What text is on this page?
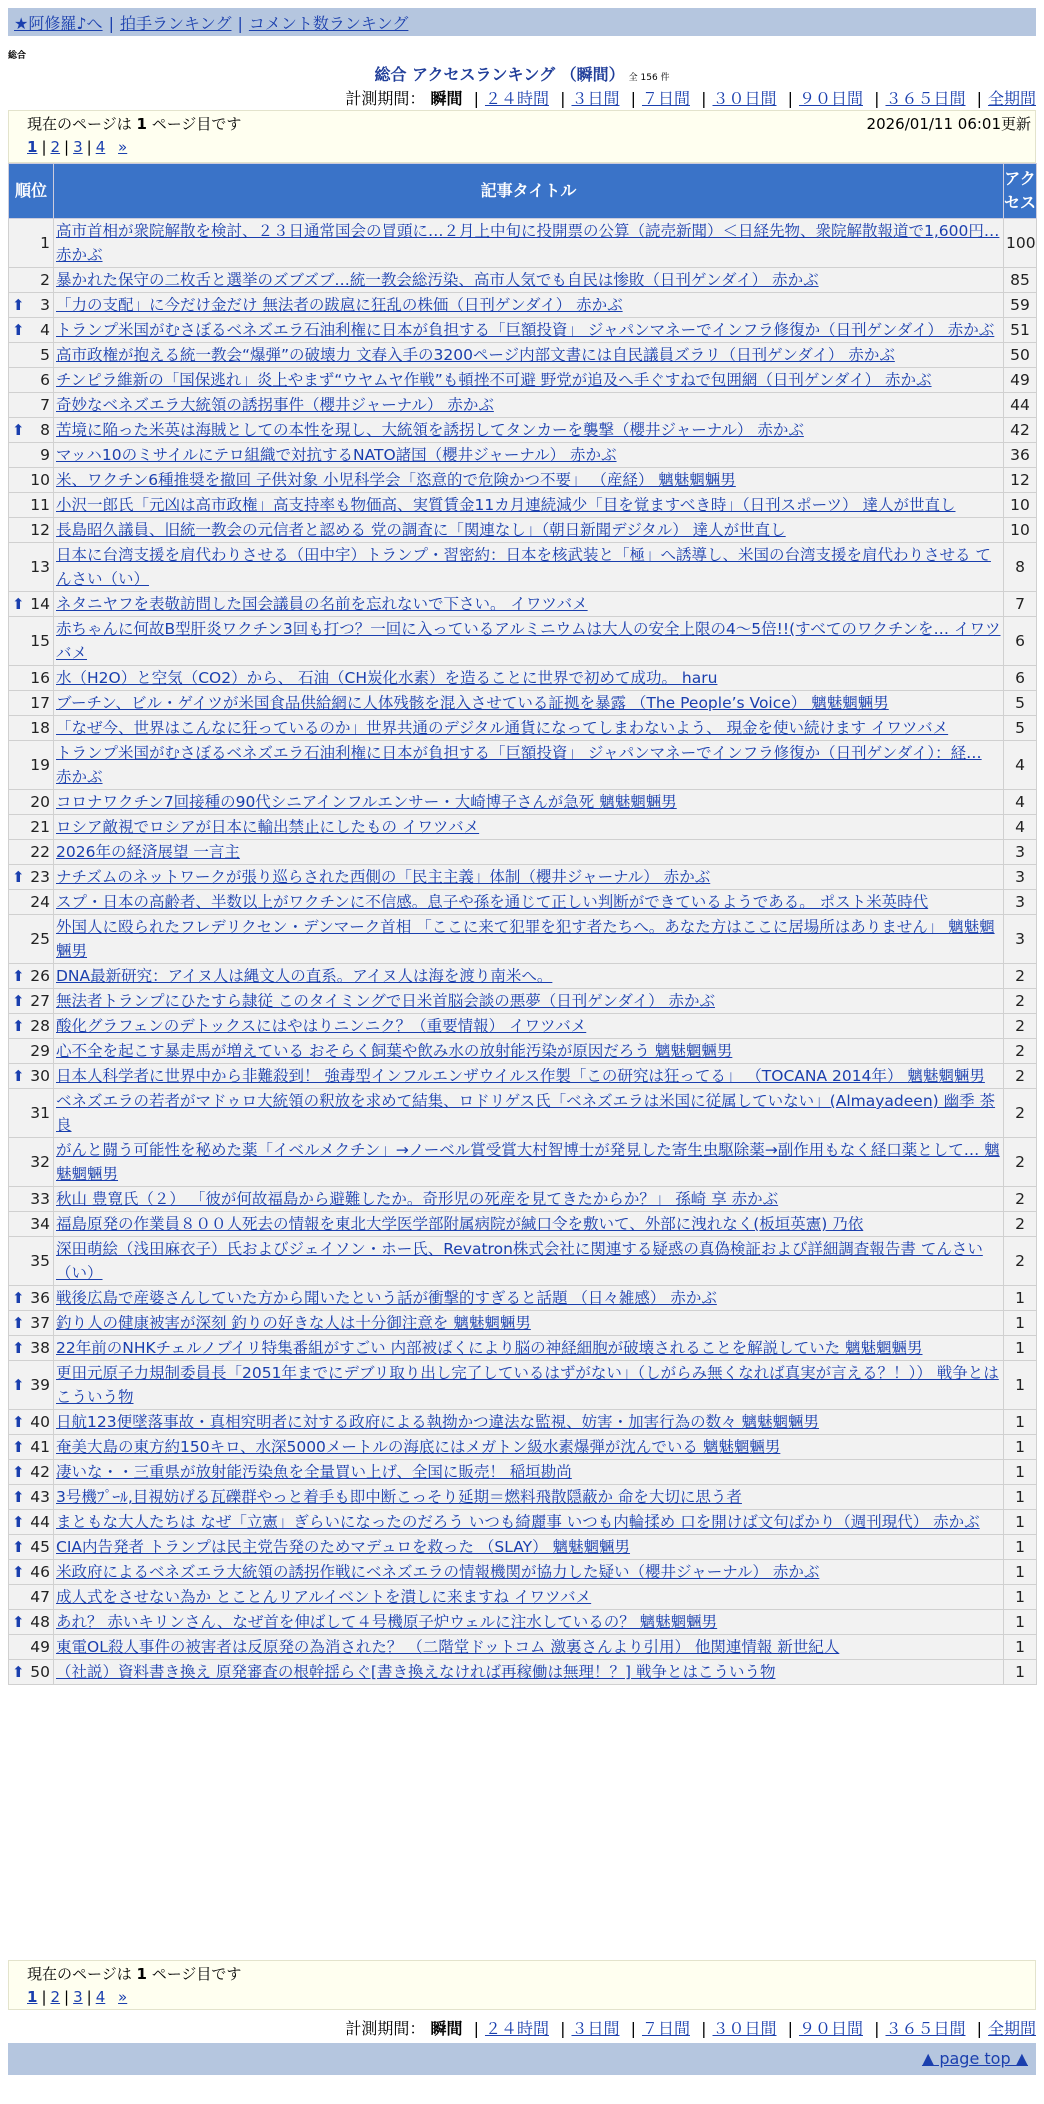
★阿修羅♪へ | 拍手ランキング | コメント数ランキング
総合
総合 アクセスランキング （瞬間） 全 156 件
計測期間： 瞬間 | ２４時間 | ３日間 | ７日間 | ３０日間 | ９０日間 | ３６５日間 | 全期間
現在のページは 1 ページ目です	2026/01/11 06:01更新
1 | 2 | 3 | 4 »
順位	記事タイトル	アクセス
1	高市首相が衆院解散を検討、２３日通常国会の冒頭に…２月上中旬に投開票の公算（読売新聞）＜日経先物、衆院解散報道で1,600円… 赤かぶ	100
2	暴かれた保守の二枚舌と選挙のズブズブ…統一教会総汚染、高市人気でも自民は惨敗（日刊ゲンダイ） 赤かぶ	85

⬆ 3	「力の支配」に今だけ金だけ 無法者の跋扈に狂乱の株価（日刊ゲンダイ） 赤かぶ	59

⬆ 4	トランプ米国がむさぼるベネズエラ石油利権に日本が負担する「巨額投資」 ジャパンマネーでインフラ修復か（日刊ゲンダイ） 赤かぶ	51
5	高市政権が抱える統一教会“爆弾”の破壊力 文春入手の3200ページ内部文書には自民議員ズラリ（日刊ゲンダイ） 赤かぶ	50
6	チンピラ維新の「国保逃れ」炎上やまず“ウヤムヤ作戦”も頓挫不可避 野党が追及へ手ぐすねで包囲網（日刊ゲンダイ） 赤かぶ	49
7	奇妙なベネズエラ大統領の誘拐事件（櫻井ジャーナル） 赤かぶ	44

⬆ 8	苦境に陥った米英は海賊としての本性を現し、大統領を誘拐してタンカーを襲撃（櫻井ジャーナル） 赤かぶ	42
9	マッハ10のミサイルにテロ組織で対抗するNATO諸国（櫻井ジャーナル） 赤かぶ	36
10	米、ワクチン6種推奨を撤回 子供対象 小児科学会「恣意的で危険かつ不要」 （産経） 魑魅魍魎男	12
11	小沢一郎氏「元凶は高市政権」高支持率も物価高、実質賃金11カ月連続減少「目を覚ますべき時」（日刊スポーツ） 達人が世直し	10
12	長島昭久議員、旧統一教会の元信者と認める 党の調査に「関連なし」（朝日新聞デジタル） 達人が世直し	10
13	日本に台湾支援を肩代わりさせる（田中宇）トランプ・習密約：日本を核武装と「極」へ誘導し、米国の台湾支援を肩代わりさせる てんさい（い）	8

⬆ 14	ネタニヤフを表敬訪問した国会議員の名前を忘れないで下さい。 イワツバメ	7
15	赤ちゃんに何故B型肝炎ワクチン3回も打つ？一回に入っているアルミニウムは大人の安全上限の4～5倍!!(すべてのワクチンを… イワツバメ	6
16	水（H2O）と空気（CO2）から、 石油（CH炭化水素）を造ることに世界で初めて成功。 haru	6
17	ブーチン、ビル・ゲイツが米国食品供給網に人体残骸を混入させている証拠を暴露 （The People’s Voice） 魑魅魍魎男	5
18	「なぜ今、世界はこんなに狂っているのか」世界共通のデジタル通貨になってしまわないよう、 現金を使い続けます イワツバメ	5
19	トランプ米国がむさぼるベネズエラ石油利権に日本が負担する「巨額投資」 ジャパンマネーでインフラ修復か（日刊ゲンダイ）：経… 赤かぶ	4
20	コロナワクチン7回接種の90代シニアインフルエンサー・大崎博子さんが急死 魑魅魍魎男	4
21	ロシア敵視でロシアが日本に輸出禁止にしたもの イワツバメ	4
22	2026年の経済展望 一言主	3

⬆ 23	ナチズムのネットワークが張り巡らされた西側の「民主主義」体制（櫻井ジャーナル） 赤かぶ	3
24	スプ・日本の高齢者、半数以上がワクチンに不信感。息子や孫を通じて正しい判断ができているようである。 ポスト米英時代	3
25	外国人に殴られたフレデリクセン・デンマーク首相 「ここに来て犯罪を犯す者たちへ。あなた方はここに居場所はありません」 魑魅魍魎男	3

⬆ 26	DNA最新研究：アイヌ人は縄文人の直系。アイヌ人は海を渡り南米へ。	2

⬆ 27	無法者トランプにひたすら隷従 このタイミングで日米首脳会談の悪夢（日刊ゲンダイ） 赤かぶ	2

⬆ 28	酸化グラフェンのデトックスにはやはりニンニク？（重要情報） イワツバメ	2
29	心不全を起こす暴走馬が増えている おそらく飼葉や飲み水の放射能汚染が原因だろう 魑魅魍魎男	2

⬆ 30	日本人科学者に世界中から非難殺到！ 強毒型インフルエンザウイルス作製「この研究は狂ってる」 （TOCANA 2014年） 魑魅魍魎男	2
31	ベネズエラの若者がマドゥロ大統領の釈放を求めて結集、ロドリゲス氏「ベネズエラは米国に従属していない」(Almayadeen) 幽季 茶良	2
32	がんと闘う可能性を秘めた薬「イベルメクチン」→ノーベル賞受賞大村智博士が発見した寄生虫駆除薬→副作用もなく経口薬として… 魑魅魍魎男	2
33	秋山 豊寛氏（２） 「彼が何故福島から避難したか。奇形児の死産を見てきたからか？」 孫崎 享 赤かぶ	2
34	福島原発の作業員８００人死去の情報を東北大学医学部附属病院が緘口令を敷いて、外部に洩れなく(板垣英憲) 乃依	2
35	深田萌絵（浅田麻衣子）氏およびジェイソン・ホー氏、Revatron株式会社に関連する疑惑の真偽検証および詳細調査報告書 てんさい（い）	2

⬆ 36	戦後広島で産婆さんしていた方から聞いたという話が衝撃的すぎると話題 （日々雑感） 赤かぶ	1

⬆ 37	釣り人の健康被害が深刻 釣りの好きな人は十分御注意を 魑魅魍魎男	1

⬆ 38	22年前のNHKチェルノブイリ特集番組がすごい 内部被ばくにより脳の神経細胞が破壊されることを解説していた 魑魅魍魎男	1

⬆ 39	更田元原子力規制委員長「2051年までにデブリ取り出し完了しているはずがない」（しがらみ無くなれば真実が言える？！）） 戦争とはこういう物	1

⬆ 40	日航123便墜落事故・真相究明者に対する政府による執拗かつ違法な監視、妨害・加害行為の数々 魑魅魍魎男	1

⬆ 41	奄美大島の東方約150キロ、水深5000メートルの海底にはメガトン級水素爆弾が沈んでいる 魑魅魍魎男	1

⬆ 42	凄いな・・三重県が放射能汚染魚を全量買い上げ、全国に販売！ 稲垣勘尚	1

⬆ 43	3号機ﾌﾟｰﾙ,目視妨げる瓦礫群やっと着手も即中断こっそり延期＝燃料飛散隠蔽か 命を大切に思う者	1

⬆ 44	まともな大人たちは なぜ「立憲」ぎらいになったのだろう いつも綺麗事 いつも内輪揉め 口を開けば文句ばかり（週刊現代） 赤かぶ	1

⬆ 45	CIA内告発者 トランプは民主党告発のためマデュロを救った （SLAY） 魑魅魍魎男	1

⬆ 46	米政府によるベネズエラ大統領の誘拐作戦にベネズエラの情報機関が協力した疑い（櫻井ジャーナル） 赤かぶ	1
47	成人式をさせない為か とことんリアルイベントを潰しに来ますね イワツバメ	1

⬆ 48	あれ？ 赤いキリンさん、なぜ首を伸ばして４号機原子炉ウェルに注水しているの？ 魑魅魍魎男	1
49	東電OL殺人事件の被害者は反原発の為消された？ （二階堂ドットコム 激裏さんより引用） 他関連情報 新世紀人	1

⬆ 50	（社説）資料書き換え 原発審査の根幹揺らぐ[書き換えなければ再稼働は無理！？] 戦争とはこういう物	1
現在のページは 1 ページ目です
1 | 2 | 3 | 4 »
計測期間： 瞬間 | ２４時間 | ３日間 | ７日間 | ３０日間 | ９０日間 | ３６５日間 | 全期間
▲ page top ▲
